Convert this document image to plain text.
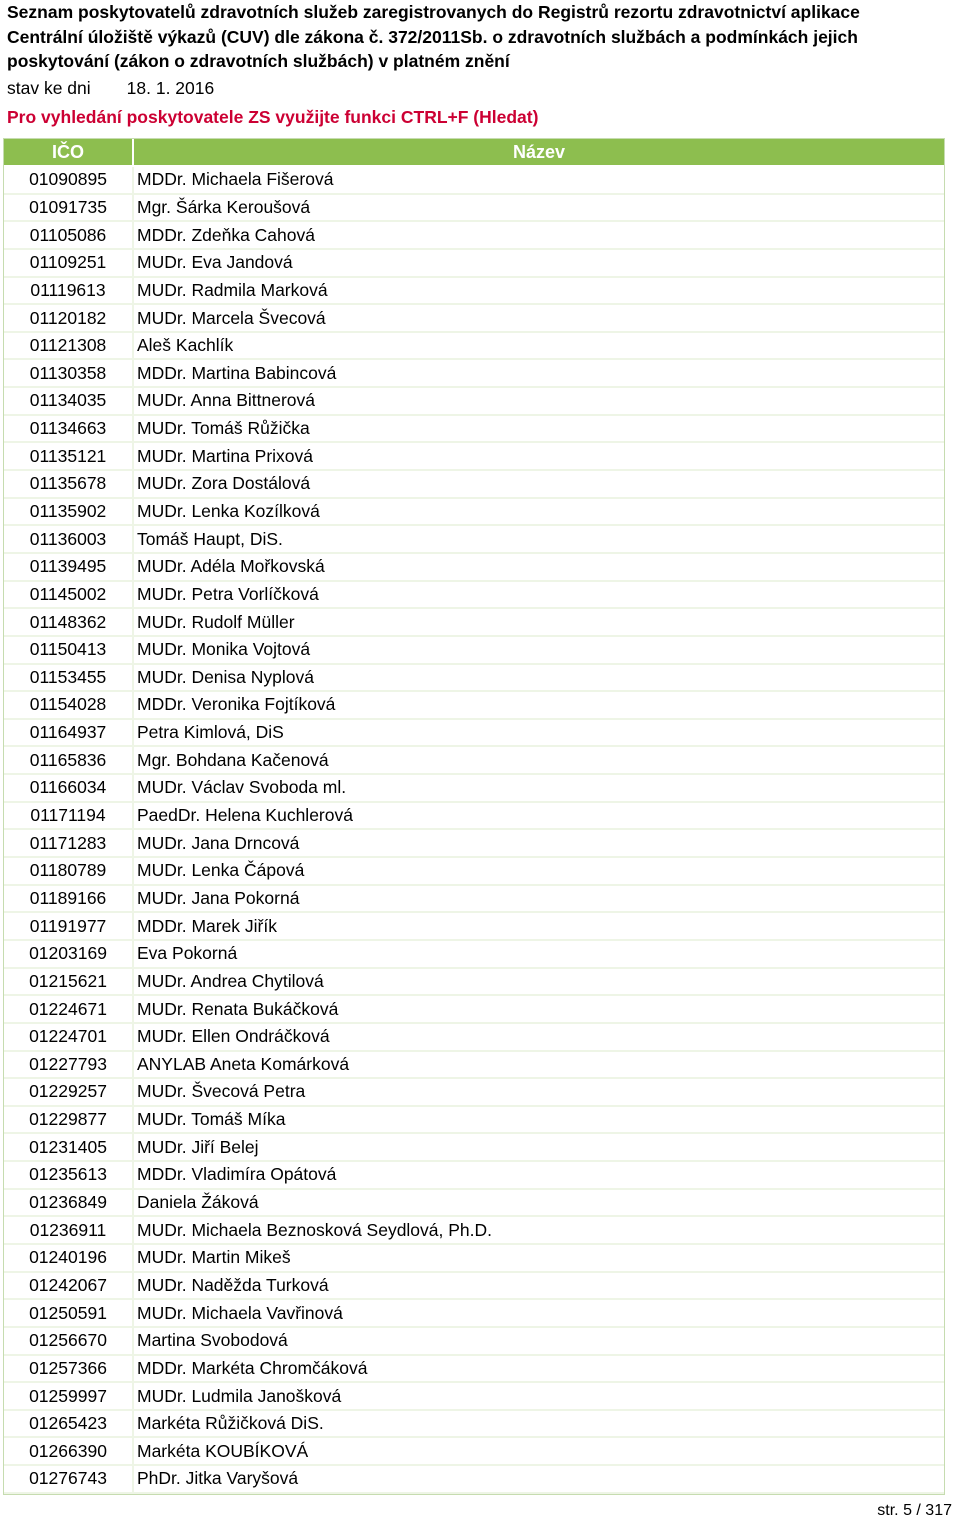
Seznam poskytovatelů zdravotních služeb zaregistrovanych do Registrů rezortu zdravotnictví aplikace
Centrální úložiště výkazů (CUV) dle zákona č. 372/2011Sb. o zdravotních službách a podmínkách jejich
poskytování (zákon o zdravotních službách) v platném znění
stav ke dni 18. 1. 2016
Pro vyhledání poskytovatele ZS využijte funkci CTRL+F (Hledat)
IČO	Název
01090895	MDDr. Michaela Fišerová
01091735	Mgr. Šárka Keroušová
01105086	MDDr. Zdeňka Cahová
01109251	MUDr. Eva Jandová
01119613	MUDr. Radmila Marková
01120182	MUDr. Marcela Švecová
01121308	Aleš Kachlík
01130358	MDDr. Martina Babincová
01134035	MUDr. Anna Bittnerová
01134663	MUDr. Tomáš Růžička
01135121	MUDr. Martina Prixová
01135678	MUDr. Zora Dostálová
01135902	MUDr. Lenka Kozílková
01136003	Tomáš Haupt, DiS.
01139495	MUDr. Adéla Mořkovská
01145002	MUDr. Petra Vorlíčková
01148362	MUDr. Rudolf Müller
01150413	MUDr. Monika Vojtová
01153455	MUDr. Denisa Nyplová
01154028	MDDr. Veronika Fojtíková
01164937	Petra Kimlová, DiS
01165836	Mgr. Bohdana Kačenová
01166034	MUDr. Václav Svoboda ml.
01171194	PaedDr. Helena Kuchlerová
01171283	MUDr. Jana Drncová
01180789	MUDr. Lenka Čápová
01189166	MUDr. Jana Pokorná
01191977	MDDr. Marek Jiřík
01203169	Eva Pokorná
01215621	MUDr. Andrea Chytilová
01224671	MUDr. Renata Bukáčková
01224701	MUDr. Ellen Ondráčková
01227793	ANYLAB Aneta Komárková
01229257	MUDr. Švecová Petra
01229877	MUDr. Tomáš Míka
01231405	MUDr. Jiří Belej
01235613	MDDr. Vladimíra Opátová
01236849	Daniela Žáková
01236911	MUDr. Michaela Beznosková Seydlová, Ph.D.
01240196	MUDr. Martin Mikeš
01242067	MUDr. Naděžda Turková
01250591	MUDr. Michaela Vavřinová
01256670	Martina Svobodová
01257366	MDDr. Markéta Chromčáková
01259997	MUDr. Ludmila Janošková
01265423	Markéta Růžičková DiS.
01266390	Markéta KOUBÍKOVÁ
01276743	PhDr. Jitka Varyšová
str. 5 / 317
